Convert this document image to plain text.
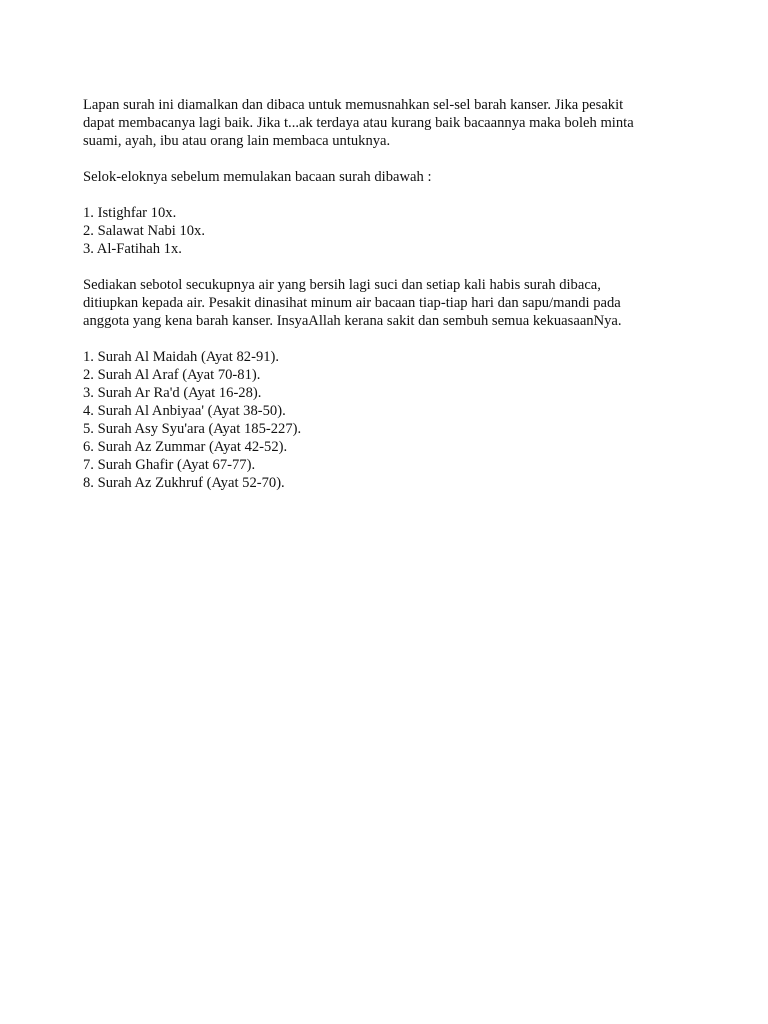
Lapan surah ini diamalkan dan dibaca untuk memusnahkan sel-sel barah kanser. Jika pesakit
dapat membacanya lagi baik. Jika t...ak terdaya atau kurang baik bacaannya maka boleh minta
suami, ayah, ibu atau orang lain membaca untuknya.

Selok-eloknya sebelum memulakan bacaan surah dibawah :

1. Istighfar 10x.
2. Salawat Nabi 10x.
3. Al-Fatihah 1x.

Sediakan sebotol secukupnya air yang bersih lagi suci dan setiap kali habis surah dibaca,
ditiupkan kepada air. Pesakit dinasihat minum air bacaan tiap-tiap hari dan sapu/mandi pada
anggota yang kena barah kanser. InsyaAllah kerana sakit dan sembuh semua kekuasaanNya.

1. Surah Al Maidah (Ayat 82-91).
2. Surah Al Araf (Ayat 70-81).
3. Surah Ar Ra'd (Ayat 16-28).
4. Surah Al Anbiyaa' (Ayat 38-50).
5. Surah Asy Syu'ara (Ayat 185-227).
6. Surah Az Zummar (Ayat 42-52).
7. Surah Ghafir (Ayat 67-77).
8. Surah Az Zukhruf (Ayat 52-70).
